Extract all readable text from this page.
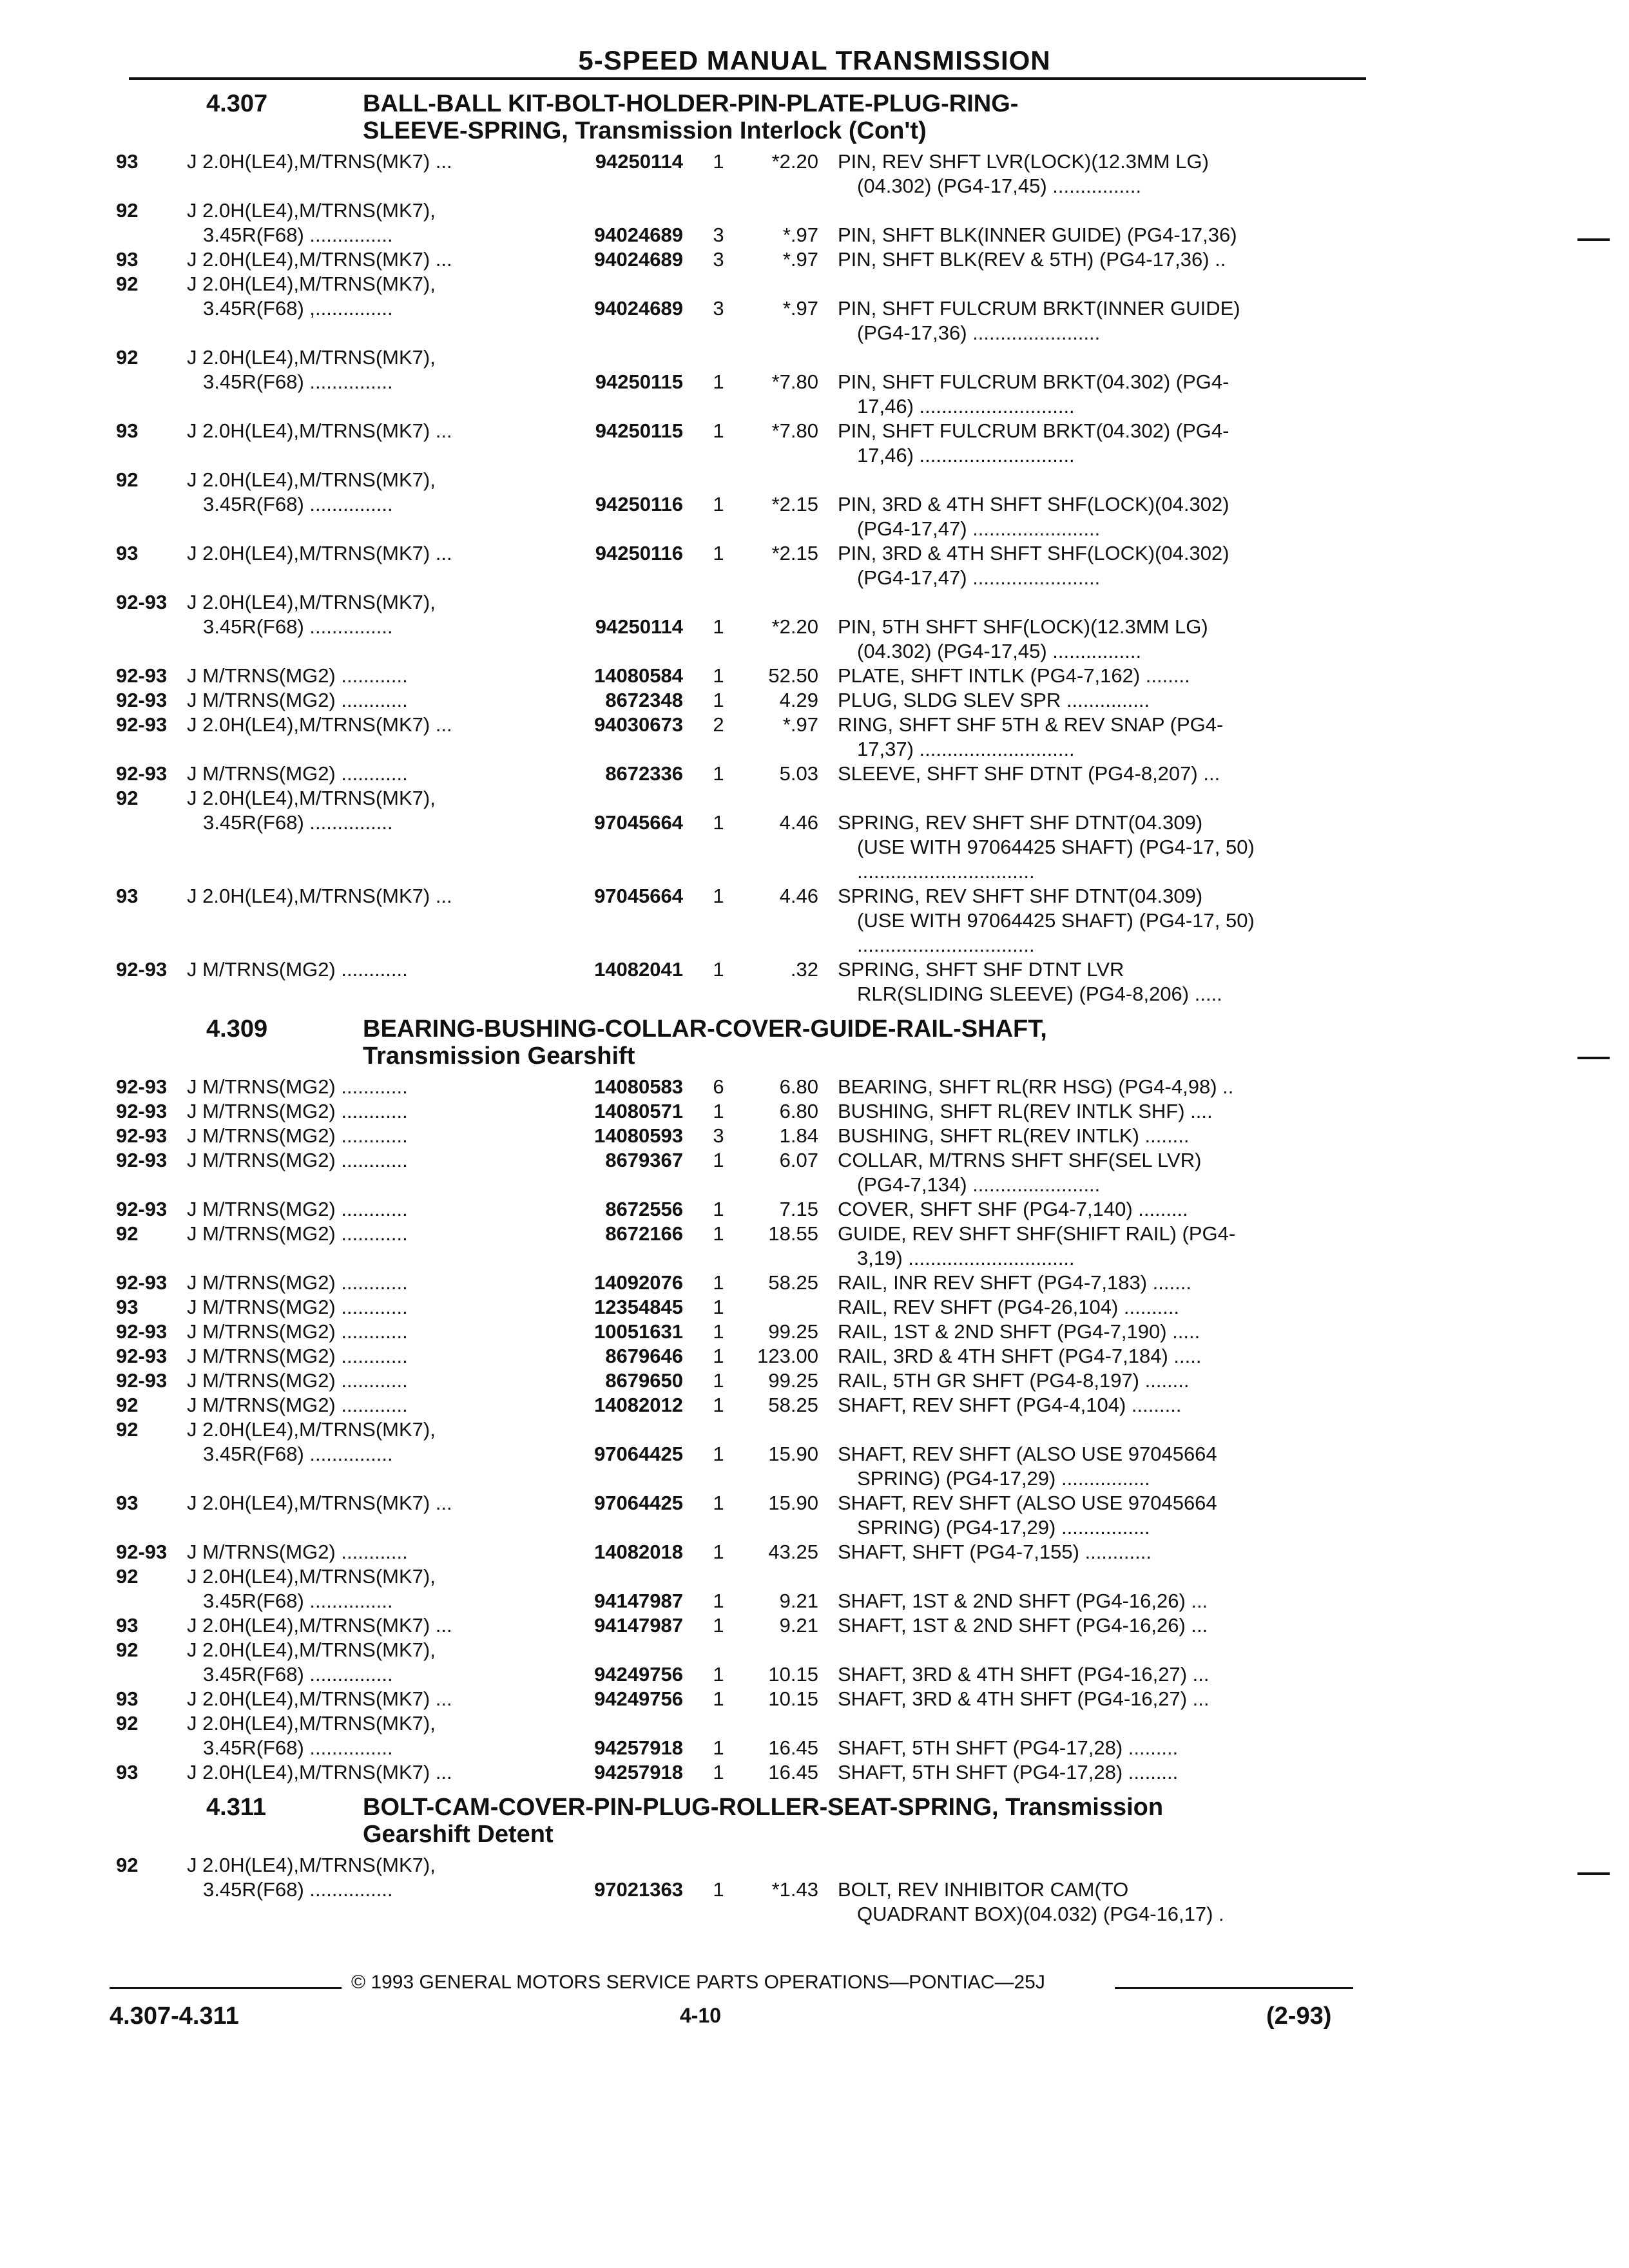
5-SPEED MANUAL TRANSMISSION
4.307	BALL-BALL KIT-BOLT-HOLDER-PIN-PLATE-PLUG-RING-
SLEEVE-SPRING, Transmission Interlock (Con't)
93	J 2.0H(LE4),M/TRNS(MK7) ...	94250114	1	*2.20 PIN, REV SHFT LVR(LOCK)(12.3MM LG)
(04.302) (PG4-17,45) ................
92	J 2.0H(LE4),M/TRNS(MK7),
3.45R(F68) ...............	94024689	3	*.97 PIN, SHFT BLK(INNER GUIDE) (PG4-17,36)
93	J 2.0H(LE4),M/TRNS(MK7) ...	94024689	3	*.97 PIN, SHFT BLK(REV & 5TH) (PG4-17,36) ..
92	J 2.0H(LE4),M/TRNS(MK7),
3.45R(F68) ,..............	94024689	3	*.97 PIN, SHFT FULCRUM BRKT(INNER GUIDE)
(PG4-17,36) .......................
92	J 2.0H(LE4),M/TRNS(MK7),
3.45R(F68) ...............	94250115	1	*7.80 PIN, SHFT FULCRUM BRKT(04.302) (PG4-
17,46) ............................
93	J 2.0H(LE4),M/TRNS(MK7) ...	94250115	1	*7.80 PIN, SHFT FULCRUM BRKT(04.302) (PG4-
17,46) ............................
92	J 2.0H(LE4),M/TRNS(MK7),
3.45R(F68) ...............	94250116	1	*2.15 PIN, 3RD & 4TH SHFT SHF(LOCK)(04.302)
(PG4-17,47) .......................
93	J 2.0H(LE4),M/TRNS(MK7) ...	94250116	1	*2.15 PIN, 3RD & 4TH SHFT SHF(LOCK)(04.302)
(PG4-17,47) .......................
92-93 J 2.0H(LE4),M/TRNS(MK7),
3.45R(F68) ...............	94250114	1	*2.20 PIN, 5TH SHFT SHF(LOCK)(12.3MM LG)
(04.302) (PG4-17,45) ................
92-93 J M/TRNS(MG2) ............	14080584	1	52.50 PLATE, SHFT INTLK (PG4-7,162) ........
92-93 J M/TRNS(MG2) ............	8672348	1	4.29 PLUG, SLDG SLEV SPR ...............
92-93 J 2.0H(LE4),M/TRNS(MK7) ...	94030673	2	*.97 RING, SHFT SHF 5TH & REV SNAP (PG4-
17,37) ............................
92-93 J M/TRNS(MG2) ............	8672336	1	5.03 SLEEVE, SHFT SHF DTNT (PG4-8,207) ...
92	J 2.0H(LE4),M/TRNS(MK7),
3.45R(F68) ...............	97045664	1	4.46 SPRING, REV SHFT SHF DTNT(04.309)
(USE WITH 97064425 SHAFT) (PG4-17, 50) ................................
93	J 2.0H(LE4),M/TRNS(MK7) ...	97045664	1	4.46 SPRING, REV SHFT SHF DTNT(04.309)
(USE WITH 97064425 SHAFT) (PG4-17, 50) ................................
92-93 J M/TRNS(MG2) ............	14082041	1	.32 SPRING, SHFT SHF DTNT LVR
RLR(SLIDING SLEEVE) (PG4-8,206) .....
4.309	BEARING-BUSHING-COLLAR-COVER-GUIDE-RAIL-SHAFT,
Transmission Gearshift
92-93 J M/TRNS(MG2) ............	14080583	6	6.80 BEARING, SHFT RL(RR HSG) (PG4-4,98) ..
92-93 J M/TRNS(MG2) ............	14080571	1	6.80 BUSHING, SHFT RL(REV INTLK SHF) ....
92-93 J M/TRNS(MG2) ............	14080593	3	1.84 BUSHING, SHFT RL(REV INTLK) ........
92-93 J M/TRNS(MG2) ............	8679367	1	6.07 COLLAR, M/TRNS SHFT SHF(SEL LVR)
(PG4-7,134) .......................
92-93 J M/TRNS(MG2) ............	8672556	1	7.15 COVER, SHFT SHF (PG4-7,140) .........
92	J M/TRNS(MG2) ............	8672166	1	18.55 GUIDE, REV SHFT SHF(SHIFT RAIL) (PG4-
3,19) ..............................
92-93 J M/TRNS(MG2) ............	14092076	1	58.25 RAIL, INR REV SHFT (PG4-7,183) .......
93	J M/TRNS(MG2) ............	12354845	1	RAIL, REV SHFT (PG4-26,104) ..........
92-93 J M/TRNS(MG2) ............	10051631	1	99.25 RAIL, 1ST & 2ND SHFT (PG4-7,190) .....
92-93 J M/TRNS(MG2) ............	8679646	1	123.00 RAIL, 3RD & 4TH SHFT (PG4-7,184) .....
92-93 J M/TRNS(MG2) ............	8679650	1	99.25 RAIL, 5TH GR SHFT (PG4-8,197) ........
92	J M/TRNS(MG2) ............	14082012	1	58.25 SHAFT, REV SHFT (PG4-4,104) .........
92	J 2.0H(LE4),M/TRNS(MK7),
3.45R(F68) ...............	97064425	1	15.90 SHAFT, REV SHFT (ALSO USE 97045664
SPRING) (PG4-17,29) ................
93	J 2.0H(LE4),M/TRNS(MK7) ...	97064425	1	15.90 SHAFT, REV SHFT (ALSO USE 97045664
SPRING) (PG4-17,29) ................
92-93 J M/TRNS(MG2) ............	14082018	1	43.25 SHAFT, SHFT (PG4-7,155) ............
92	J 2.0H(LE4),M/TRNS(MK7),
3.45R(F68) ...............	94147987	1	9.21 SHAFT, 1ST & 2ND SHFT (PG4-16,26) ...
93	J 2.0H(LE4),M/TRNS(MK7) ...	94147987	1	9.21 SHAFT, 1ST & 2ND SHFT (PG4-16,26) ...
92	J 2.0H(LE4),M/TRNS(MK7),
3.45R(F68) ...............	94249756	1	10.15 SHAFT, 3RD & 4TH SHFT (PG4-16,27) ...
93	J 2.0H(LE4),M/TRNS(MK7) ...	94249756	1	10.15 SHAFT, 3RD & 4TH SHFT (PG4-16,27) ...
92	J 2.0H(LE4),M/TRNS(MK7),
3.45R(F68) ...............	94257918	1	16.45 SHAFT, 5TH SHFT (PG4-17,28) .........
93	J 2.0H(LE4),M/TRNS(MK7) ...	94257918	1	16.45 SHAFT, 5TH SHFT (PG4-17,28) .........
4.311	BOLT-CAM-COVER-PIN-PLUG-ROLLER-SEAT-SPRING, Transmission
Gearshift Detent
92	J 2.0H(LE4),M/TRNS(MK7),
3.45R(F68) ...............	97021363	1	*1.43 BOLT, REV INHIBITOR CAM(TO
QUADRANT BOX)(04.032) (PG4-16,17) .
© 1993 GENERAL MOTORS SERVICE PARTS OPERATIONS—PONTIAC—25J
4.307-4.311	4-10	(2-93)
